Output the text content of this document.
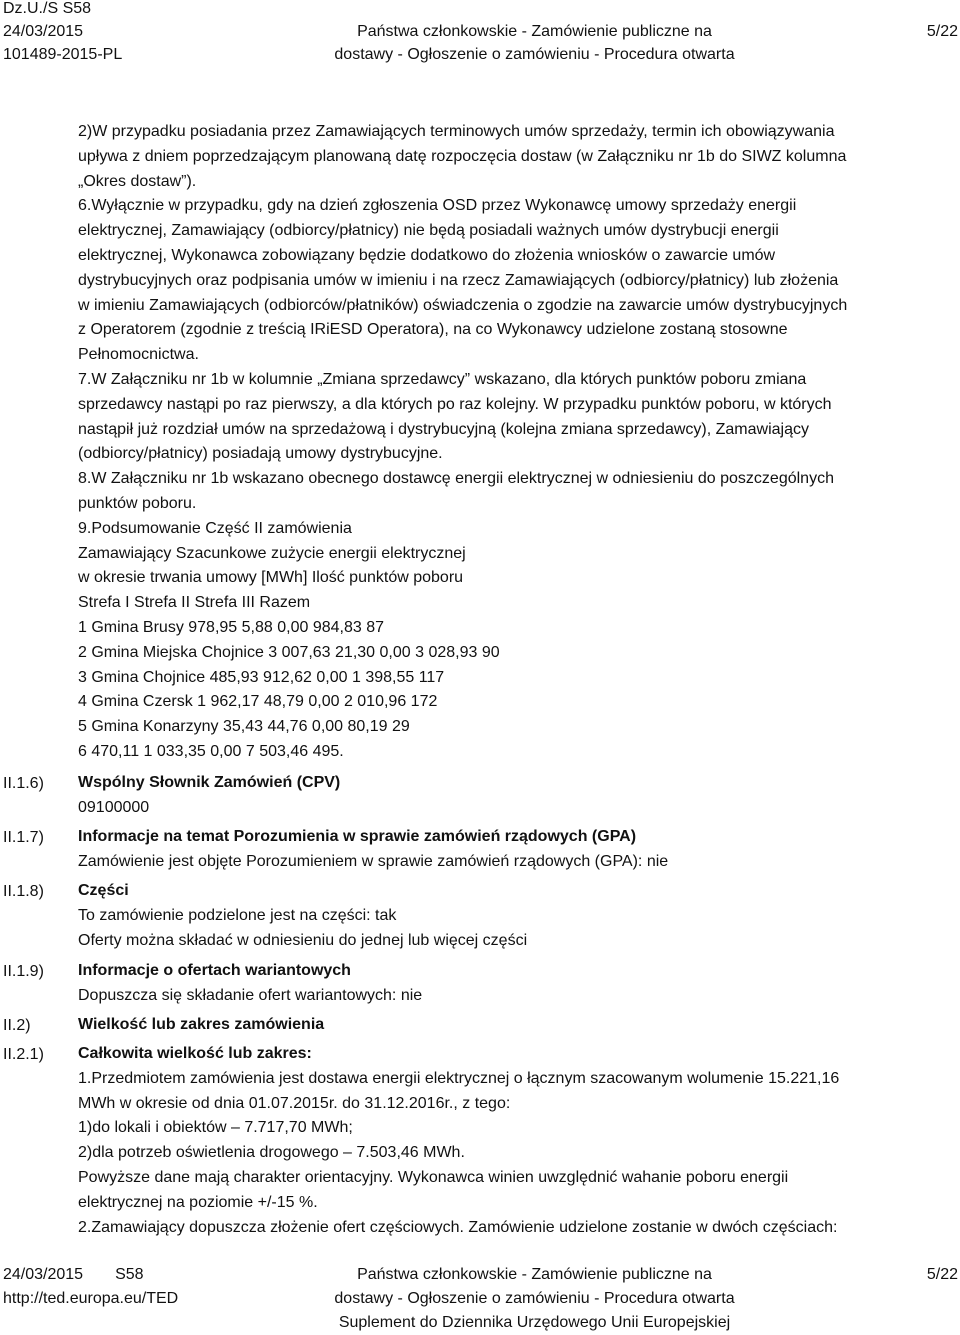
Dz.U./S S58
24/03/2015
101489-2015-PL
Państwa członkowskie - Zamówienie publiczne na
dostawy - Ogłoszenie o zamówieniu - Procedura otwarta
5/22

2)W przypadku posiadania przez Zamawiających terminowych umów sprzedaży, termin ich obowiązywania

upływa z dniem poprzedzającym planowaną datę rozpoczęcia dostaw (w Załączniku nr 1b do SIWZ kolumna

„Okres dostaw”).

6.Wyłącznie w przypadku, gdy na dzień zgłoszenia OSD przez Wykonawcę umowy sprzedaży energii

elektrycznej, Zamawiający (odbiorcy/płatnicy) nie będą posiadali ważnych umów dystrybucji energii

elektrycznej, Wykonawca zobowiązany będzie dodatkowo do złożenia wniosków o zawarcie umów

dystrybucyjnych oraz podpisania umów w imieniu i na rzecz Zamawiających (odbiorcy/płatnicy) lub złożenia

w imieniu Zamawiających (odbiorców/płatników) oświadczenia o zgodzie na zawarcie umów dystrybucyjnych

z Operatorem (zgodnie z treścią IRiESD Operatora), na co Wykonawcy udzielone zostaną stosowne

Pełnomocnictwa.

7.W Załączniku nr 1b w kolumnie „Zmiana sprzedawcy” wskazano, dla których punktów poboru zmiana

sprzedawcy nastąpi po raz pierwszy, a dla których po raz kolejny. W przypadku punktów poboru, w których

nastąpił już rozdział umów na sprzedażową i dystrybucyjną (kolejna zmiana sprzedawcy), Zamawiający

(odbiorcy/płatnicy) posiadają umowy dystrybucyjne.

8.W Załączniku nr 1b wskazano obecnego dostawcę energii elektrycznej w odniesieniu do poszczególnych

punktów poboru.

9.Podsumowanie Część II zamówienia

Zamawiający Szacunkowe zużycie energii elektrycznej

w okresie trwania umowy [MWh] Ilość punktów poboru

Strefa I Strefa II Strefa III Razem

1 Gmina Brusy 978,95 5,88 0,00 984,83 87

2 Gmina Miejska Chojnice 3 007,63 21,30 0,00 3 028,93 90

3 Gmina Chojnice 485,93 912,62 0,00 1 398,55 117

4 Gmina Czersk 1 962,17 48,79 0,00 2 010,96 172

5 Gmina Konarzyny 35,43 44,76 0,00 80,19 29

6 470,11 1 033,35 0,00 7 503,46 495.

II.1.6) Wspólny Słownik Zamówień (CPV)

09100000

II.1.7) Informacje na temat Porozumienia w sprawie zamówień rządowych (GPA)

Zamówienie jest objęte Porozumieniem w sprawie zamówień rządowych (GPA): nie

II.1.8) Części

To zamówienie podzielone jest na części: tak

Oferty można składać w odniesieniu do jednej lub więcej części

II.1.9) Informacje o ofertach wariantowych

Dopuszcza się składanie ofert wariantowych: nie

II.2)	Wielkość lub zakres zamówienia

II.2.1) Całkowita wielkość lub zakres:

1.Przedmiotem zamówienia jest dostawa energii elektrycznej o łącznym szacowanym wolumenie 15.221,16

MWh w okresie od dnia 01.07.2015r. do 31.12.2016r., z tego:

1)do lokali i obiektów – 7.717,70 MWh;

2)dla potrzeb oświetlenia drogowego – 7.503,46 MWh.

Powyższe dane mają charakter orientacyjny. Wykonawca winien uwzględnić wahanie poboru energii

elektrycznej na poziomie +/-15 %.

2.Zamawiający dopuszcza złożenie ofert częściowych. Zamówienie udzielone zostanie w dwóch częściach:

24/03/2015 S58
http://ted.europa.eu/TED
Państwa członkowskie - Zamówienie publiczne na
dostawy - Ogłoszenie o zamówieniu - Procedura otwarta
Suplement do Dziennika Urzędowego Unii Europejskiej
5/22
